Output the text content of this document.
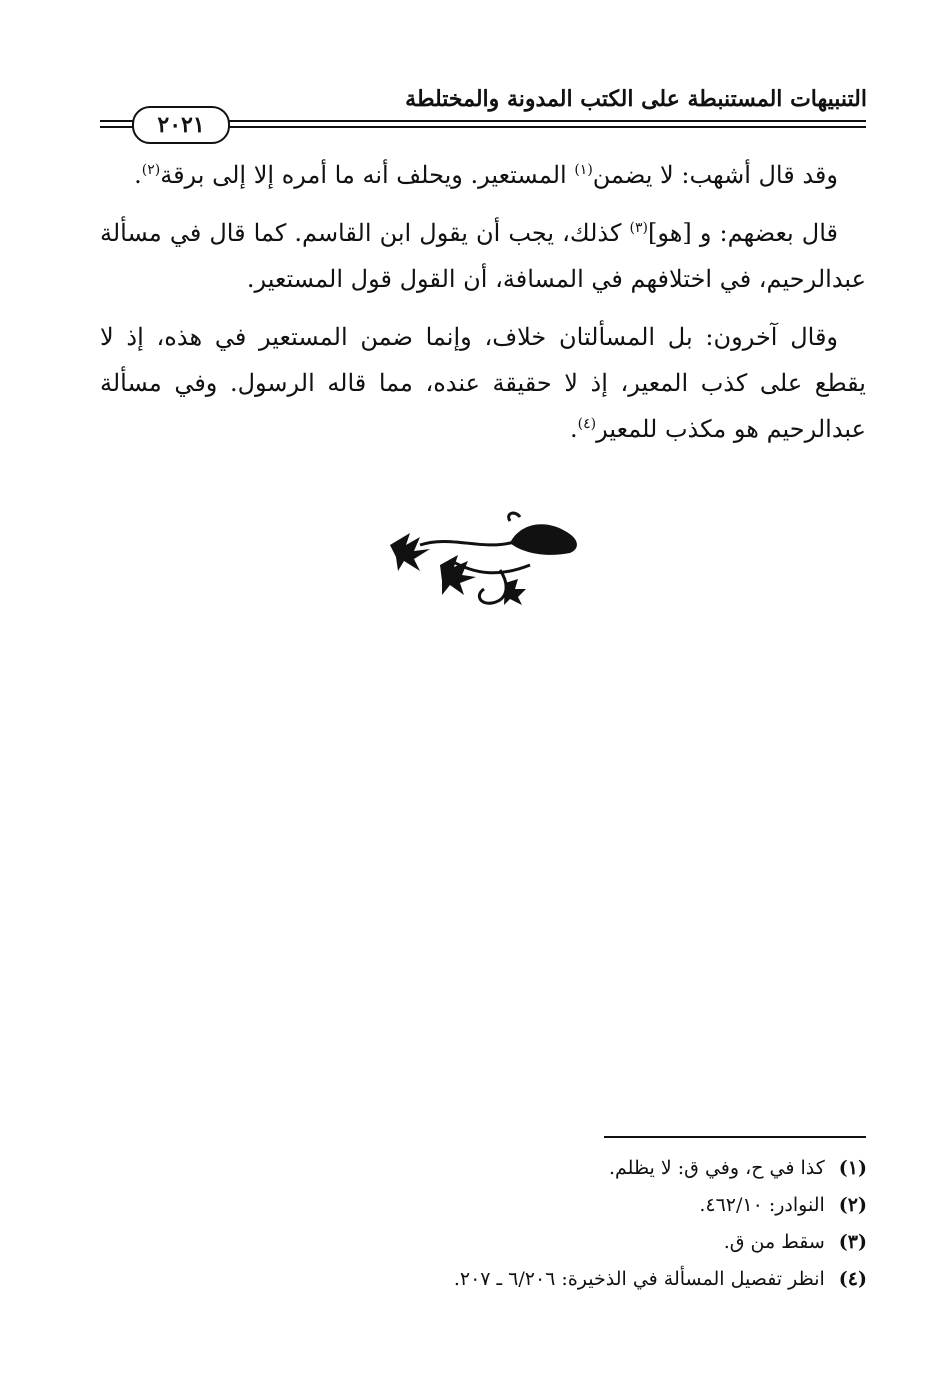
التنبيهات المستنبطة على الكتب المدونة والمختلطة
٢٠٢١

وقد قال أشهب: لا يضمن$^{(١)}$ المستعير. ويحلف أنه ما أمره إلا إلى برقة$^{(٢)}$.

قال بعضهم: و [هو]$^{(٣)}$ كذلك، يجب أن يقول ابن القاسم. كما قال في مسألة عبدالرحيم، في اختلافهم في المسافة، أن القول قول المستعير.

وقال آخرون: بل المسألتان خلاف، وإنما ضمن المستعير في هذه، إذ لا يقطع على كذب المعير، إذ لا حقيقة عنده، مما قاله الرسول. وفي مسألة عبدالرحيم هو مكذب للمعير$^{(٤)}$.

(١)
كذا في ح، وفي ق: لا يظلم.
(٢)
النوادر: ٤٦٢/١٠.
(٣)
سقط من ق.
(٤)
انظر تفصيل المسألة في الذخيرة: ٦/٢٠٦ ـ ٢٠٧.
